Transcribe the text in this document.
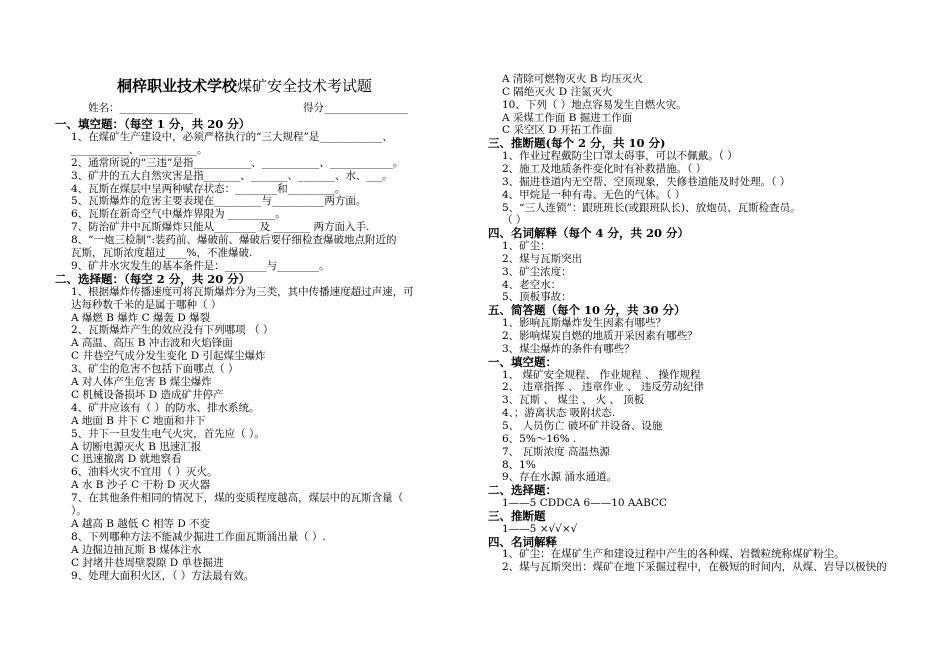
桐梓职业技术学校煤矿安全技术考试题
姓名：______________	得分________________
一、填空题：（每空 1 分，共 20 分）
1、在煤矿生产建设中，必须严格执行的“三大规程”是____________、
___________、___________。
2、通常所说的“三违”是指___________、___________、____________。
3、矿井的五大自然灾害是指_______、_______、_______、水、___。
4、瓦斯在煤层中呈两种赋存状态：________和_________。
5、瓦斯爆炸的危害主要表现在_________与__________两方面。
6、瓦斯在新奇空气中爆炸界限为 _________。
7、防治矿井中瓦斯爆炸只能从________ 及 _______ 两方面入手.
8、“一炮三检制”:装药前、爆破前、爆破后要仔细检查爆破地点附近的
瓦斯，瓦斯浓度超过____%，不准爆破.
9、矿井水灾发生的基本条件是：________与________。
二、选择题：（每空 2 分，共 20 分）
1、根据爆炸传播速度可将瓦斯爆炸分为三类，其中传播速度超过声速，可
达每秒数千米的是属于哪种（ ）
A 爆燃 B 爆炸 C 爆轰 D 爆裂
2、瓦斯爆炸产生的效应没有下列哪项 （ ）
A 高温、高压 B 冲击波和火焰锋面
C 井巷空气成分发生变化 D 引起煤尘爆炸
3、矿尘的危害不包括下面哪点（ ）
A 对人体产生危害 B 煤尘爆炸
C 机械设备损坏 D 造成矿井停产
4、矿井应该有（ ）的防水、排水系统。
A 地面 B 井下 C 地面和井下
5、井下一旦发生电气火灾，首先应（ ）。
A 切断电源灭火 B 迅速汇报
C 迅速撤离 D 就地察看
6、油料火灾不宜用（ ）灭火。
A 水 B 沙子 C 干粉 D 灭火器
7、在其他条件相同的情况下，煤的变质程度越高，煤层中的瓦斯含量（
）。
A 越高 B 越低 C 相等 D 不变
8、下列哪种方法不能减少掘进工作面瓦斯涌出量（ ）.
A 边掘边抽瓦斯 B 煤体注水
C 封堵井巷周壁裂隙 D 单巷掘进
9、处理大面积火区，（ ）方法最有效。
A 清除可燃物灭火 B 均压灭火
C 隔绝灭火 D 注氮灭火
10、下列（ ）地点容易发生自燃火灾。
A 采煤工作面 B 掘进工作面
C 采空区 D 开拓工作面
三、推断题(每个 2 分，共 10 分)
1、作业过程戴防尘口罩太碍事，可以不佩戴。（ ）
2、施工及地质条件变化时有补救措施。（ ）
3、掘进巷道内无空帮、空顶现象，失修巷道能及时处理。（ ）
4、甲烷是一种有毒、无色的气体。（ ）
5、“三人连锁”：跟班班长(或跟班队长)、放炮员、瓦斯检查员。
（ ）
四、名词解释（每个 4 分，共 20 分）
1、矿尘：
2、煤与瓦斯突出
3、矿尘浓度：
4、老空水：
5、顶板事故：
五、简答题（每个 10 分，共 30 分）
1、影响瓦斯爆炸发生因素有哪些？
2、影响煤炭自燃的地质开采因素有哪些？
3、煤尘爆炸的条件有哪些？
一、填空题：
1、 煤矿安全规程、 作业规程 、 操作规程
2、 违章指挥 、 违章作业 、 违反劳动纪律
3、瓦斯 、 煤尘 、 火 、 顶板
4、；游离状态 吸附状态.
5、 人员伤亡 破坏矿井设备、设施
6、5%～16% .
7、 瓦斯浓度 高温热源
8、1%
9、存在水源 涌水通道。
二、选择题：
1——5 CDDCA 6——10 AABCC
三、推断题
1——5 ×√√×√
四、名词解释
1、矿尘：在煤矿生产和建设过程中产生的各种煤、岩微粒统称煤矿粉尘。
2、煤与瓦斯突出：煤矿在地下采掘过程中，在极短的时间内，从煤、岩导以极快的
